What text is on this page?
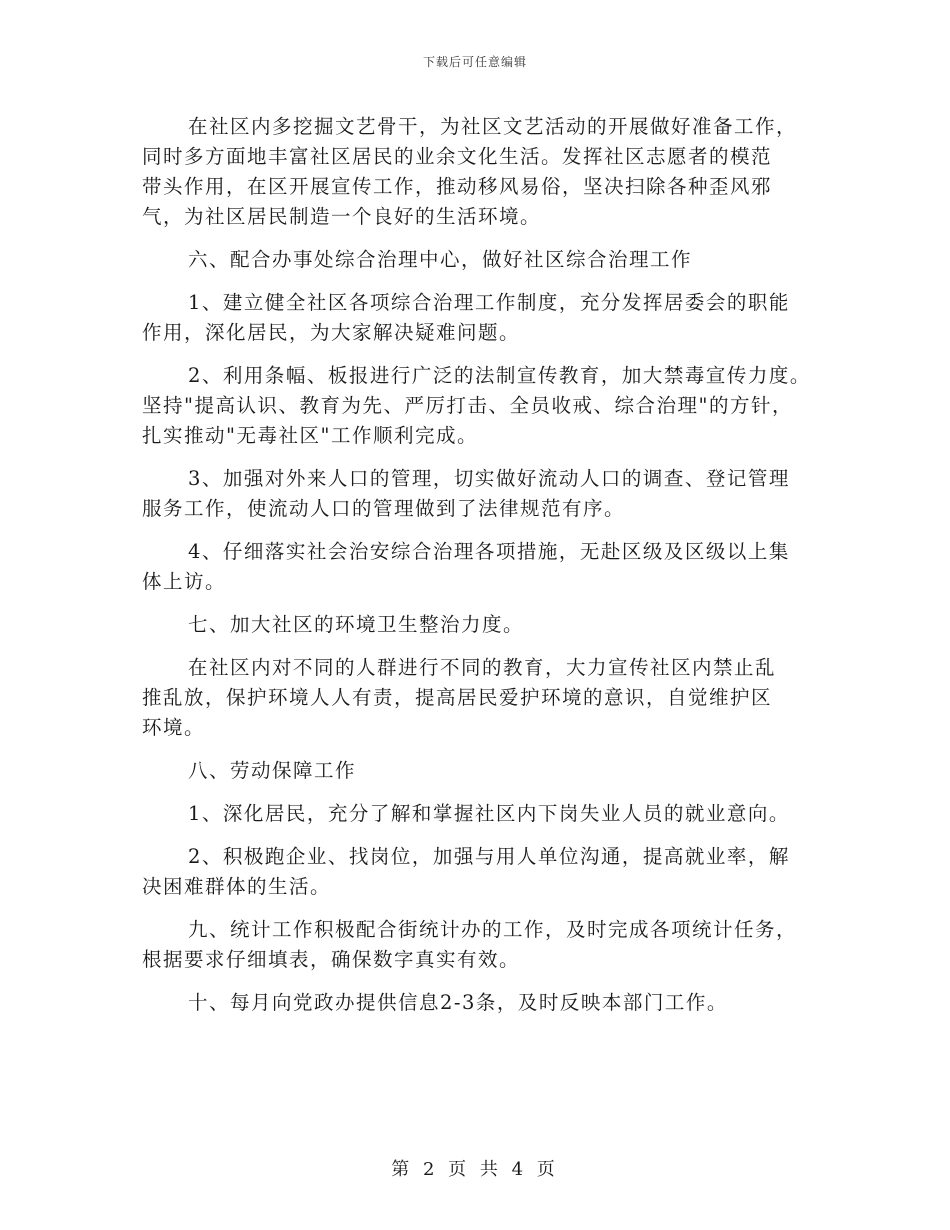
下载后可任意编辑
在社区内多挖掘文艺骨干，为社区文艺活动的开展做好准备工作，
同时多方面地丰富社区居民的业余文化生活。发挥社区志愿者的模范
带头作用，在区开展宣传工作，推动移风易俗，坚决扫除各种歪风邪
气，为社区居民制造一个良好的生活环境。
六、配合办事处综合治理中心，做好社区综合治理工作
1、建立健全社区各项综合治理工作制度，充分发挥居委会的职能
作用，深化居民，为大家解决疑难问题。
2、利用条幅、板报进行广泛的法制宣传教育，加大禁毒宣传力度。
坚持"提高认识、教育为先、严厉打击、全员收戒、综合治理"的方针，
扎实推动"无毒社区"工作顺利完成。
3、加强对外来人口的管理，切实做好流动人口的调查、登记管理
服务工作，使流动人口的管理做到了法律规范有序。
4、仔细落实社会治安综合治理各项措施，无赴区级及区级以上集
体上访。
七、加大社区的环境卫生整治力度。
在社区内对不同的人群进行不同的教育，大力宣传社区内禁止乱
推乱放，保护环境人人有责，提高居民爱护环境的意识，自觉维护区
环境。
八、劳动保障工作
1、深化居民，充分了解和掌握社区内下岗失业人员的就业意向。
2、积极跑企业、找岗位，加强与用人单位沟通，提高就业率，解
决困难群体的生活。
九、统计工作积极配合街统计办的工作，及时完成各项统计任务，
根据要求仔细填表，确保数字真实有效。
十、每月向党政办提供信息2-3条，及时反映本部门工作。
第 2 页 共 4 页
